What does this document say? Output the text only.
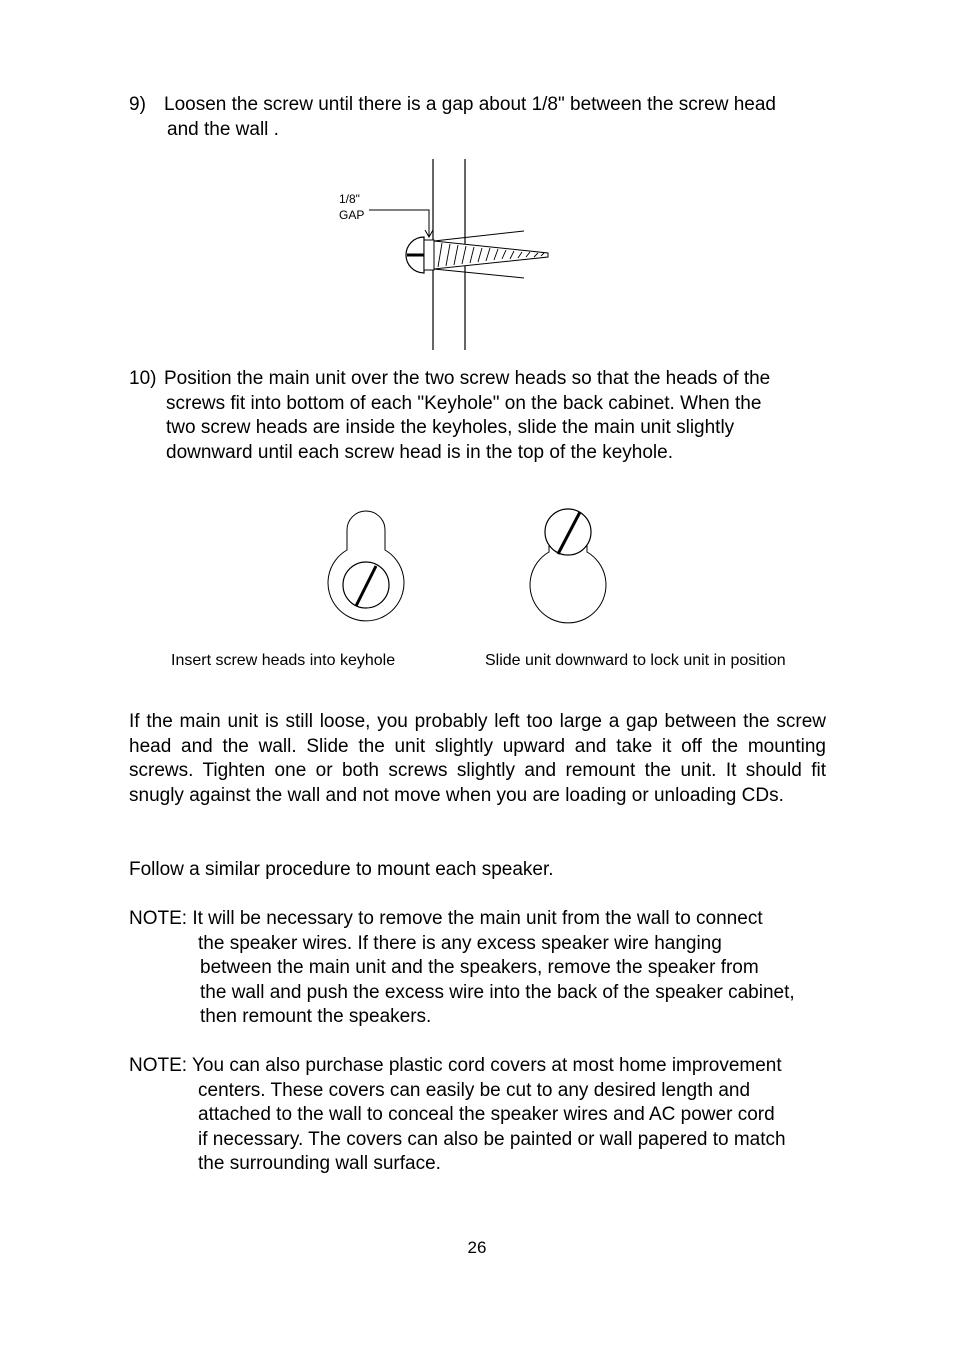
9) Loosen the screw until there is a gap about 1/8" between the screw head
and the wall .
1/8"
GAP
10) Position the main unit over the two screw heads so that the heads of the
screws fit into bottom of each "Keyhole" on the back cabinet. When the
two screw heads are inside the keyholes, slide the main unit slightly
downward until each screw head is in the top of the keyhole.
Insert screw heads into keyhole	Slide unit downward to lock unit in position
If the main unit is still loose, you probably left too large a gap between the screw head and the wall. Slide the unit slightly upward and take it off the mounting screws. Tighten one or both screws slightly and remount the unit. It should fit snugly against the wall and not move when you are loading or unloading CDs.
Follow a similar procedure to mount each speaker.
NOTE: It will be necessary to remove the main unit from the wall to connect
the speaker wires. If there is any excess speaker wire hanging
between the main unit and the speakers, remove the speaker from
the wall and push the excess wire into the back of the speaker cabinet,
then remount the speakers.
NOTE: You can also purchase plastic cord covers at most home improvement
centers. These covers can easily be cut to any desired length and
attached to the wall to conceal the speaker wires and AC power cord
if necessary. The covers can also be painted or wall papered to match
the surrounding wall surface.
26
